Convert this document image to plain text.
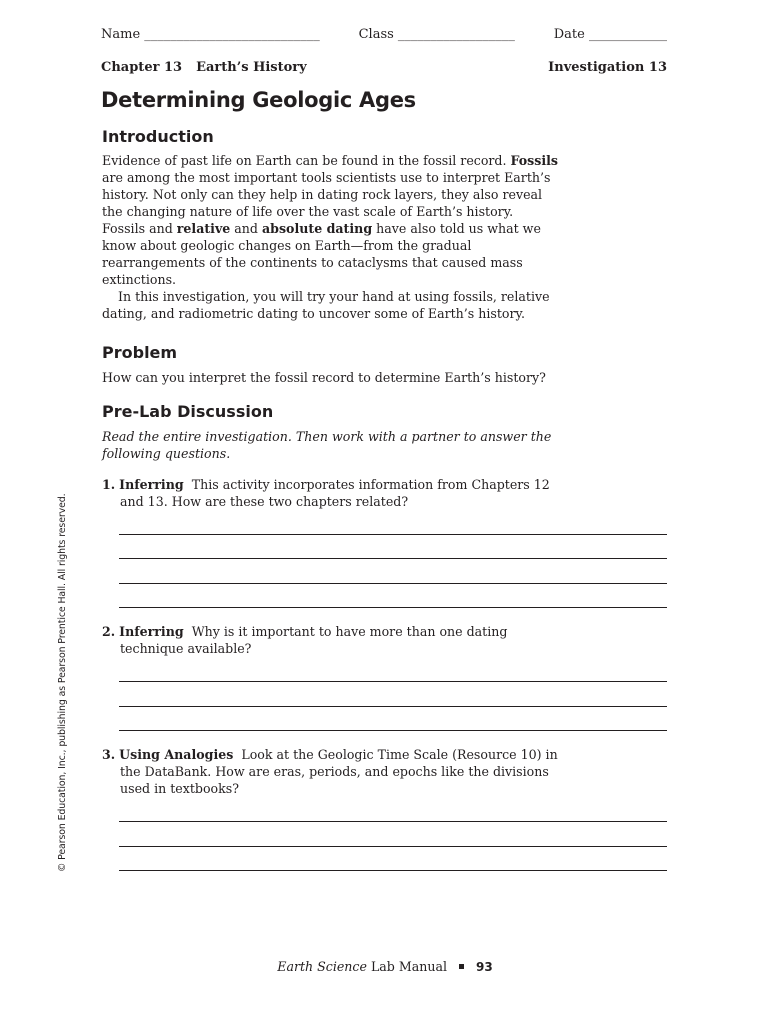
Name ___________________________	Class __________________	Date ____________
Chapter 13 Earth’s History	Investigation 13
Determining Geologic Ages
Introduction
Evidence of past life on Earth can be found in the fossil record. Fossils
are among the most important tools scientists use to interpret Earth’s
history. Not only can they help in dating rock layers, they also reveal
the changing nature of life over the vast scale of Earth’s history.
Fossils and relative and absolute dating have also told us what we
know about geologic changes on Earth—from the gradual
rearrangements of the continents to cataclysms that caused mass
extinctions.
In this investigation, you will try your hand at using fossils, relative
dating, and radiometric dating to uncover some of Earth’s history.
Problem
How can you interpret the fossil record to determine Earth’s history?
Pre-Lab Discussion
Read the entire investigation. Then work with a partner to answer the
following questions.
1. Inferring This activity incorporates information from Chapters 12
and 13. How are these two chapters related?
2. Inferring Why is it important to have more than one dating
technique available?
3. Using Analogies Look at the Geologic Time Scale (Resource 10) in
the DataBank. How are eras, periods, and epochs like the divisions
used in textbooks?
© Pearson Education, Inc., publishing as Pearson Prentice Hall. All rights reserved.
Earth Science Lab Manual 93
